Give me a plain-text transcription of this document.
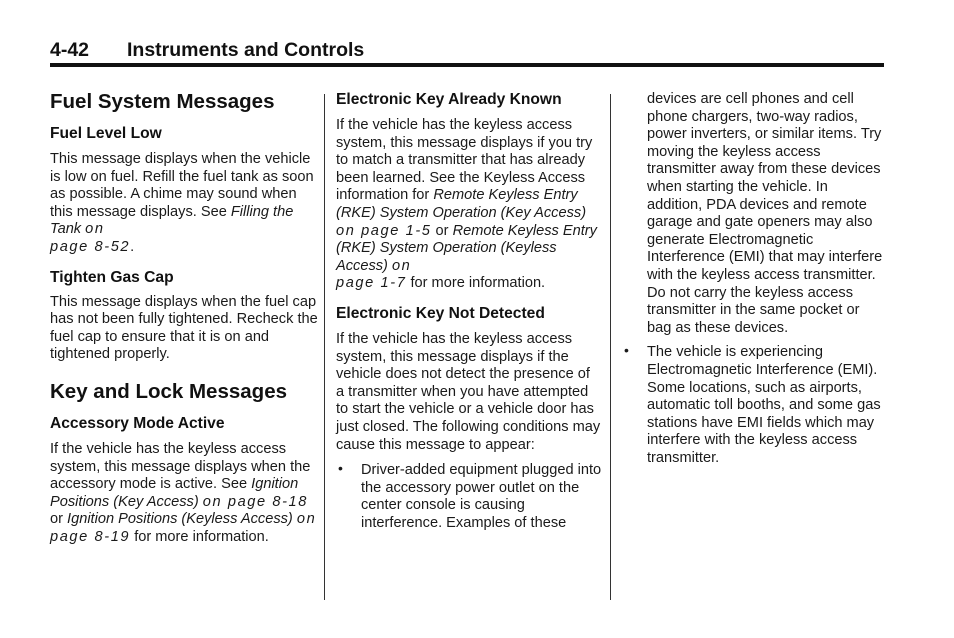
4-42 Instruments and Controls
Fuel System Messages
Fuel Level Low

This message displays when the vehicle is low on fuel. Refill the fuel tank as soon as possible. A chime may sound when this message displays. See Filling the Tank on
page 8-52.

Tighten Gas Cap

This message displays when the fuel cap has not been fully tightened. Recheck the fuel cap to ensure that it is on and tightened properly.

Key and Lock Messages
Accessory Mode Active

If the vehicle has the keyless access system, this message displays when the accessory mode is active. See Ignition Positions (Key Access) on page 8-18 or Ignition Positions (Keyless Access) on
page 8-19 for more information.

Electronic Key Already Known

If the vehicle has the keyless access system, this message displays if you try to match a transmitter that has already been learned. See the Keyless Access information for Remote Keyless Entry (RKE) System Operation (Key Access) on page 1-5 or Remote Keyless Entry (RKE) System Operation (Keyless Access) on
page 1-7 for more information.

Electronic Key Not Detected

If the vehicle has the keyless access system, this message displays if the vehicle does not detect the presence of a transmitter when you have attempted to start the vehicle or a vehicle door has just closed. The following conditions may cause this message to appear:

• Driver-added equipment plugged into the accessory power outlet on the center console is causing interference. Examples of these

devices are cell phones and cell phone chargers, two-way radios, power inverters, or similar items. Try moving the keyless access transmitter away from these devices when starting the vehicle. In addition, PDA devices and remote garage and gate openers may also generate Electromagnetic Interference (EMI) that may interfere with the keyless access transmitter. Do not carry the keyless access transmitter in the same pocket or bag as these devices.

• The vehicle is experiencing Electromagnetic Interference (EMI). Some locations, such as airports, automatic toll booths, and some gas stations have EMI fields which may interfere with the keyless access transmitter.
